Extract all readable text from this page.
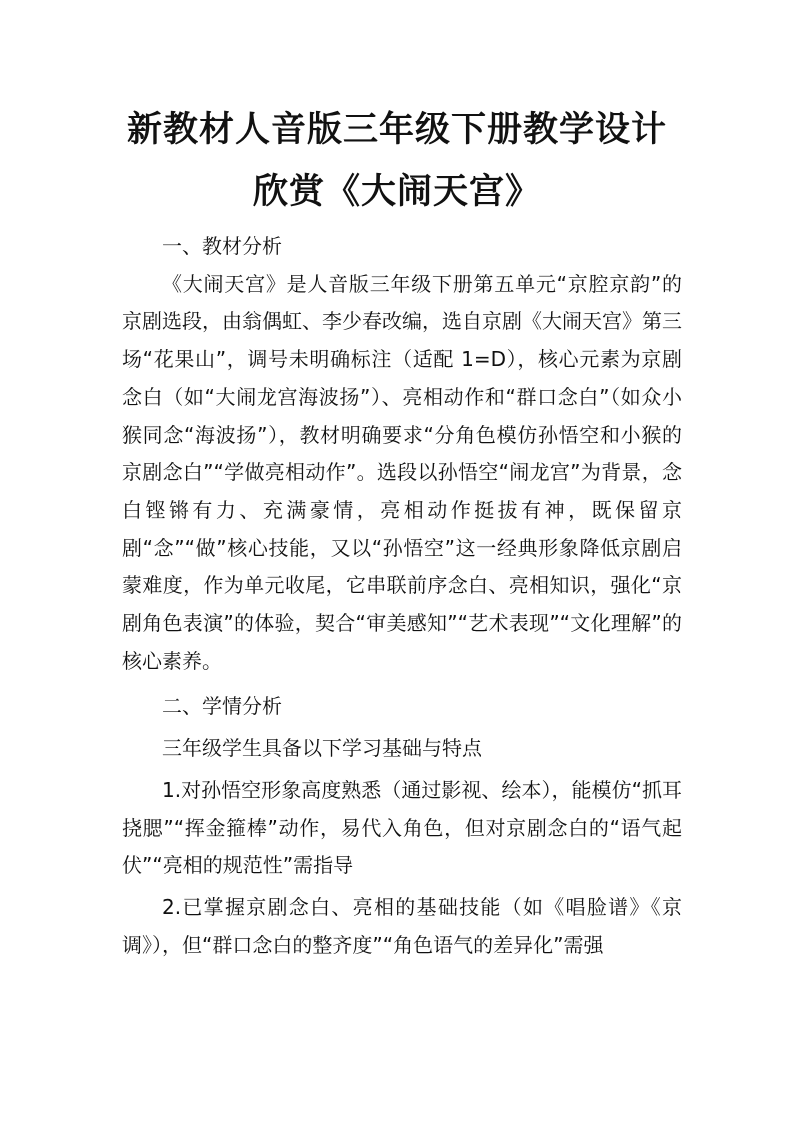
新教材人音版三年级下册教学设计
欣赏《大闹天宫》

一、教材分析

《大闹天宫》是人音版三年级下册第五单元“京腔京韵”的京剧选段，由翁偶虹、李少春改编，选自京剧《大闹天宫》第三场“花果山”，调号未明确标注（适配 1=D），核心元素为京剧念白（如“大闹龙宫海波扬”）、亮相动作和“群口念白”（如众小猴同念“海波扬”），教材明确要求“分角色模仿孙悟空和小猴的京剧念白”“学做亮相动作”。选段以孙悟空“闹龙宫”为背景，念白铿锵有力、充满豪情，亮相动作挺拔有神，既保留京剧“念”“做”核心技能，又以“孙悟空”这一经典形象降低京剧启蒙难度，作为单元收尾，它串联前序念白、亮相知识，强化“京剧角色表演”的体验，契合“审美感知”“艺术表现”“文化理解”的核心素养。

二、学情分析

三年级学生具备以下学习基础与特点

1.对孙悟空形象高度熟悉（通过影视、绘本），能模仿“抓耳挠腮”“挥金箍棒”动作，易代入角色，但对京剧念白的“语气起伏”“亮相的规范性”需指导

2.已掌握京剧念白、亮相的基础技能（如《唱脸谱》《京调》），但“群口念白的整齐度”“角色语气的差异化”需强
